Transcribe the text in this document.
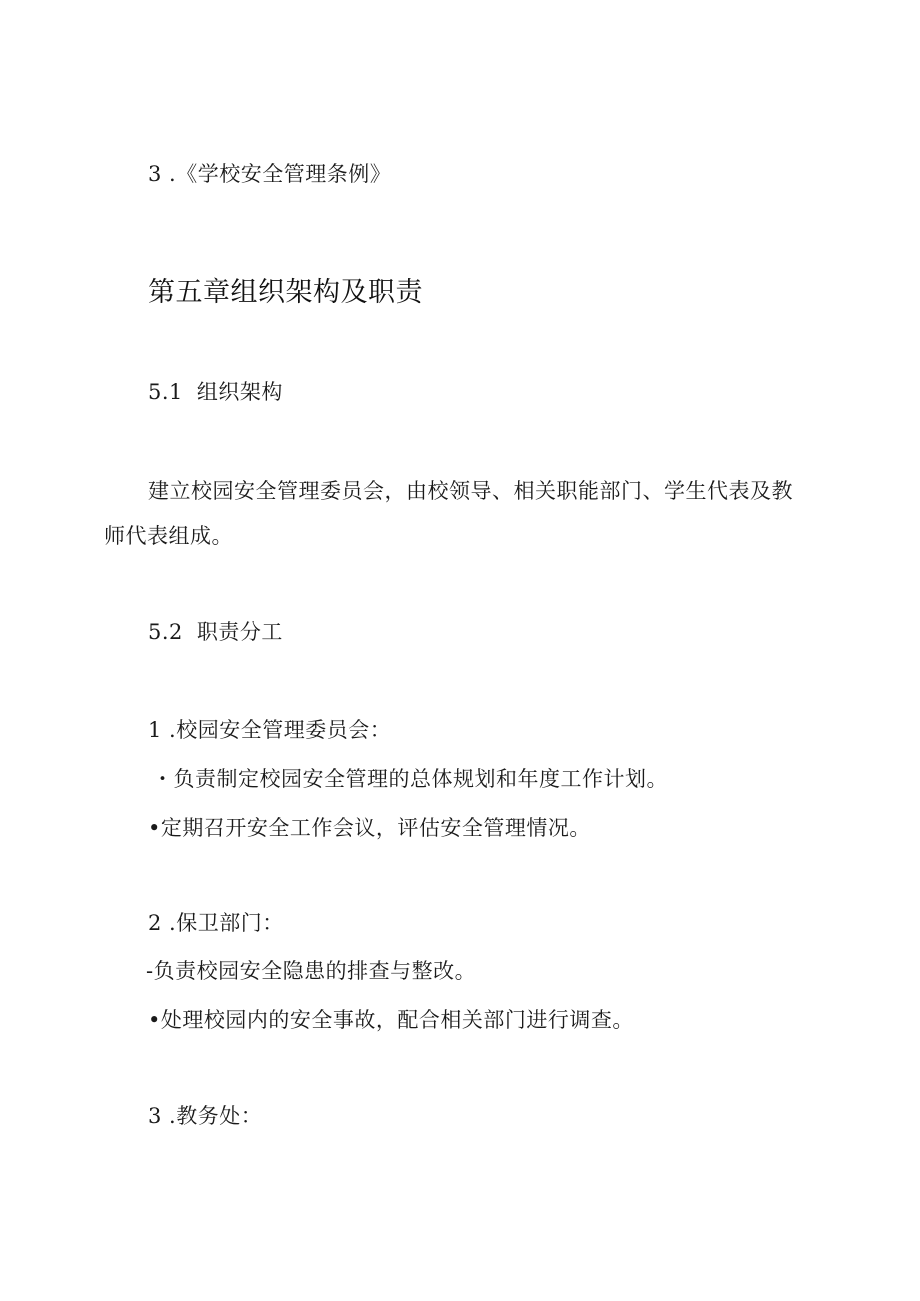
3 .《学校安全管理条例》
第五章组织架构及职责
5.1 组织架构
建立校园安全管理委员会，由校领导、相关职能部门、学生代表及教
师代表组成。
5.2 职责分工
1 .校园安全管理委员会：
・负责制定校园安全管理的总体规划和年度工作计划。
•定期召开安全工作会议，评估安全管理情况。
2 .保卫部门：
-负责校园安全隐患的排查与整改。
•处理校园内的安全事故，配合相关部门进行调查。
3 .教务处：
